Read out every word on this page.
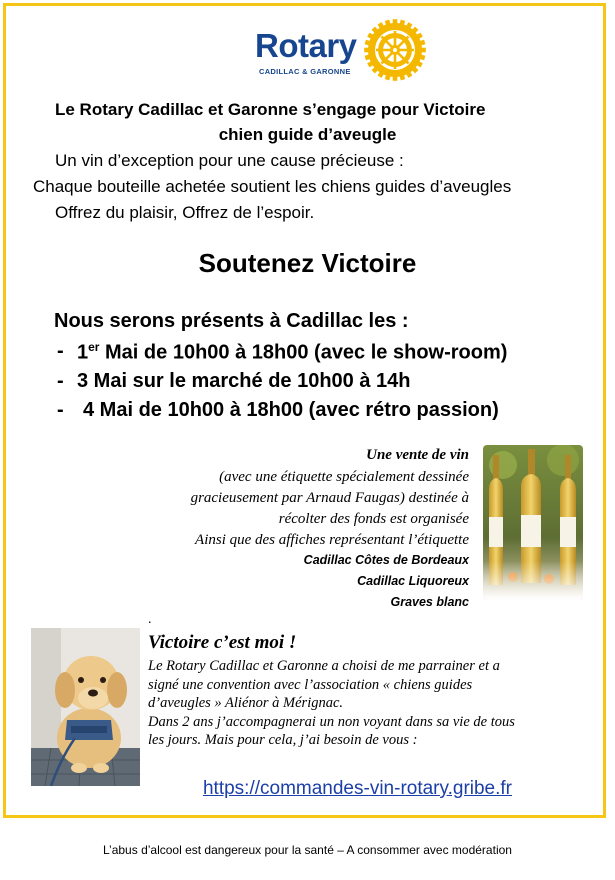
Rotary
CADILLAC & GARONNE
Le Rotary Cadillac et Garonne s’engage pour Victoire
chien guide d’aveugle
Un vin d’exception pour une cause précieuse :
Chaque bouteille achetée soutient les chiens guides d’aveugles
Offrez du plaisir, Offrez de l’espoir.
Soutenez Victoire
Nous serons présents à Cadillac les :
- 1er Mai de 10h00 à 18h00 (avec le show-room)
- 3 Mai sur le marché de 10h00 à 14h
- 4 Mai de 10h00 à 18h00 (avec rétro passion)
Une vente de vin
(avec une étiquette spécialement dessinée
gracieusement par Arnaud Faugas) destinée à
récolter des fonds est organisée
Ainsi que des affiches représentant l’étiquette
Cadillac Côtes de Bordeaux
Cadillac Liquoreux
Graves blanc
.
Victoire c’est moi !
Le Rotary Cadillac et Garonne a choisi de me parrainer et a
signé une convention avec l’association « chiens guides
d’aveugles » Aliénor à Mérignac.
Dans 2 ans j’accompagnerai un non voyant dans sa vie de tous
les jours. Mais pour cela, j’ai besoin de vous :
https://commandes-vin-rotary.gribe.fr
L’abus d’alcool est dangereux pour la santé – A consommer avec modération
